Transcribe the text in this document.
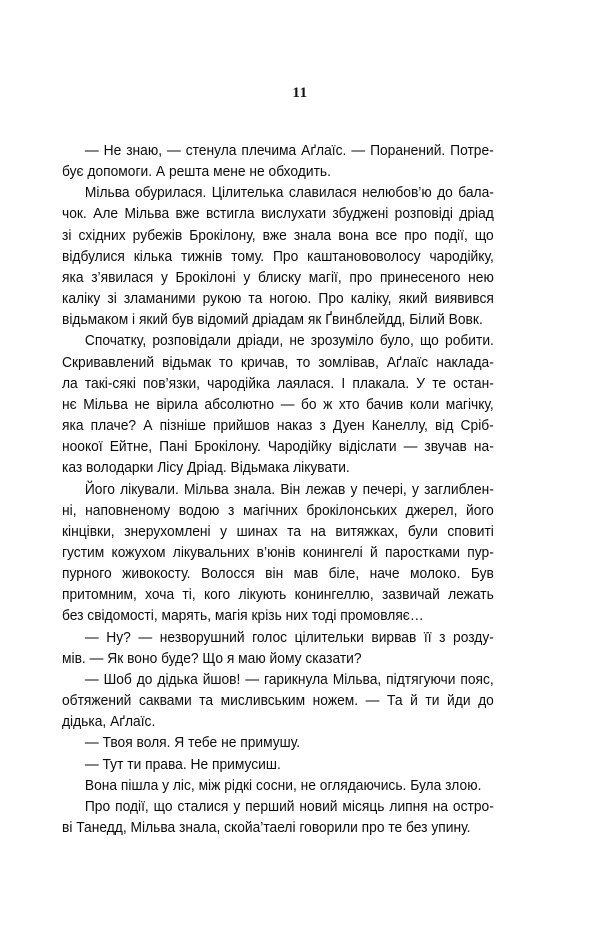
11

— Не знаю, — стенула плечима Аґлаїс. — Поранений. Потре-
бує допомоги. А решта мене не обходить.

Мільва обурилася. Цілителька славилася нелюбов’ю до бала-
чок. Але Мільва вже встигла вислухати збуджені розповіді дріад
зі східних рубежів Брокілону, вже знала вона все про події, що
відбулися кілька тижнів тому. Про каштанововолосу чародійку,
яка з’явилася у Брокілоні у блиску магії, про принесеного нею
каліку зі зламаними рукою та ногою. Про каліку, який виявився
відьмаком і який був відомий дріадам як Ґвинблейдд, Білий Вовк.

Спочатку, розповідали дріади, не зрозуміло було, що робити.
Скривавлений відьмак то кричав, то зомлівав, Аґлаїс наклада-
ла такі-сякі пов’язки, чародійка лаялася. І плакала. У те остан-
нє Мільва не вірила абсолютно — бо ж хто бачив коли магічку,
яка плаче? А пізніше прийшов наказ з Дуен Канеллу, від Сріб-
ноокої Ейтне, Пані Брокілону. Чародійку відіслати — звучав на-
каз володарки Лісу Дріад. Відьмака лікувати.

Його лікували. Мільва знала. Він лежав у печері, у заглиблен-
ні, наповненому водою з магічних брокілонських джерел, його
кінцівки, знерухомлені у шинах та на витяжках, були сповиті
густим кожухом лікувальних в’юнів конингелі й паростками пур-
пурного живокосту. Волосся він мав біле, наче молоко. Був
притомним, хоча ті, кого лікують конингеллю, зазвичай лежать
без свідомості, марять, магія крізь них тоді промовляє…

— Ну? — незворушний голос цілительки вирвав її з розду-
мів. — Як воно буде? Що я маю йому сказати?

— Шоб до дідька йшов! — гарикнула Мільва, підтягуючи пояс,
обтяжений саквами та мисливським ножем. — Та й ти йди до
дідька, Аґлаїс.

— Твоя воля. Я тебе не примушу.

— Тут ти права. Не примусиш.

Вона пішла у ліс, між рідкі сосни, не оглядаючись. Була злою.

Про події, що сталися у перший новий місяць липня на остро-
ві Танедд, Мільва знала, скойа’таелі говорили про те без упину.
